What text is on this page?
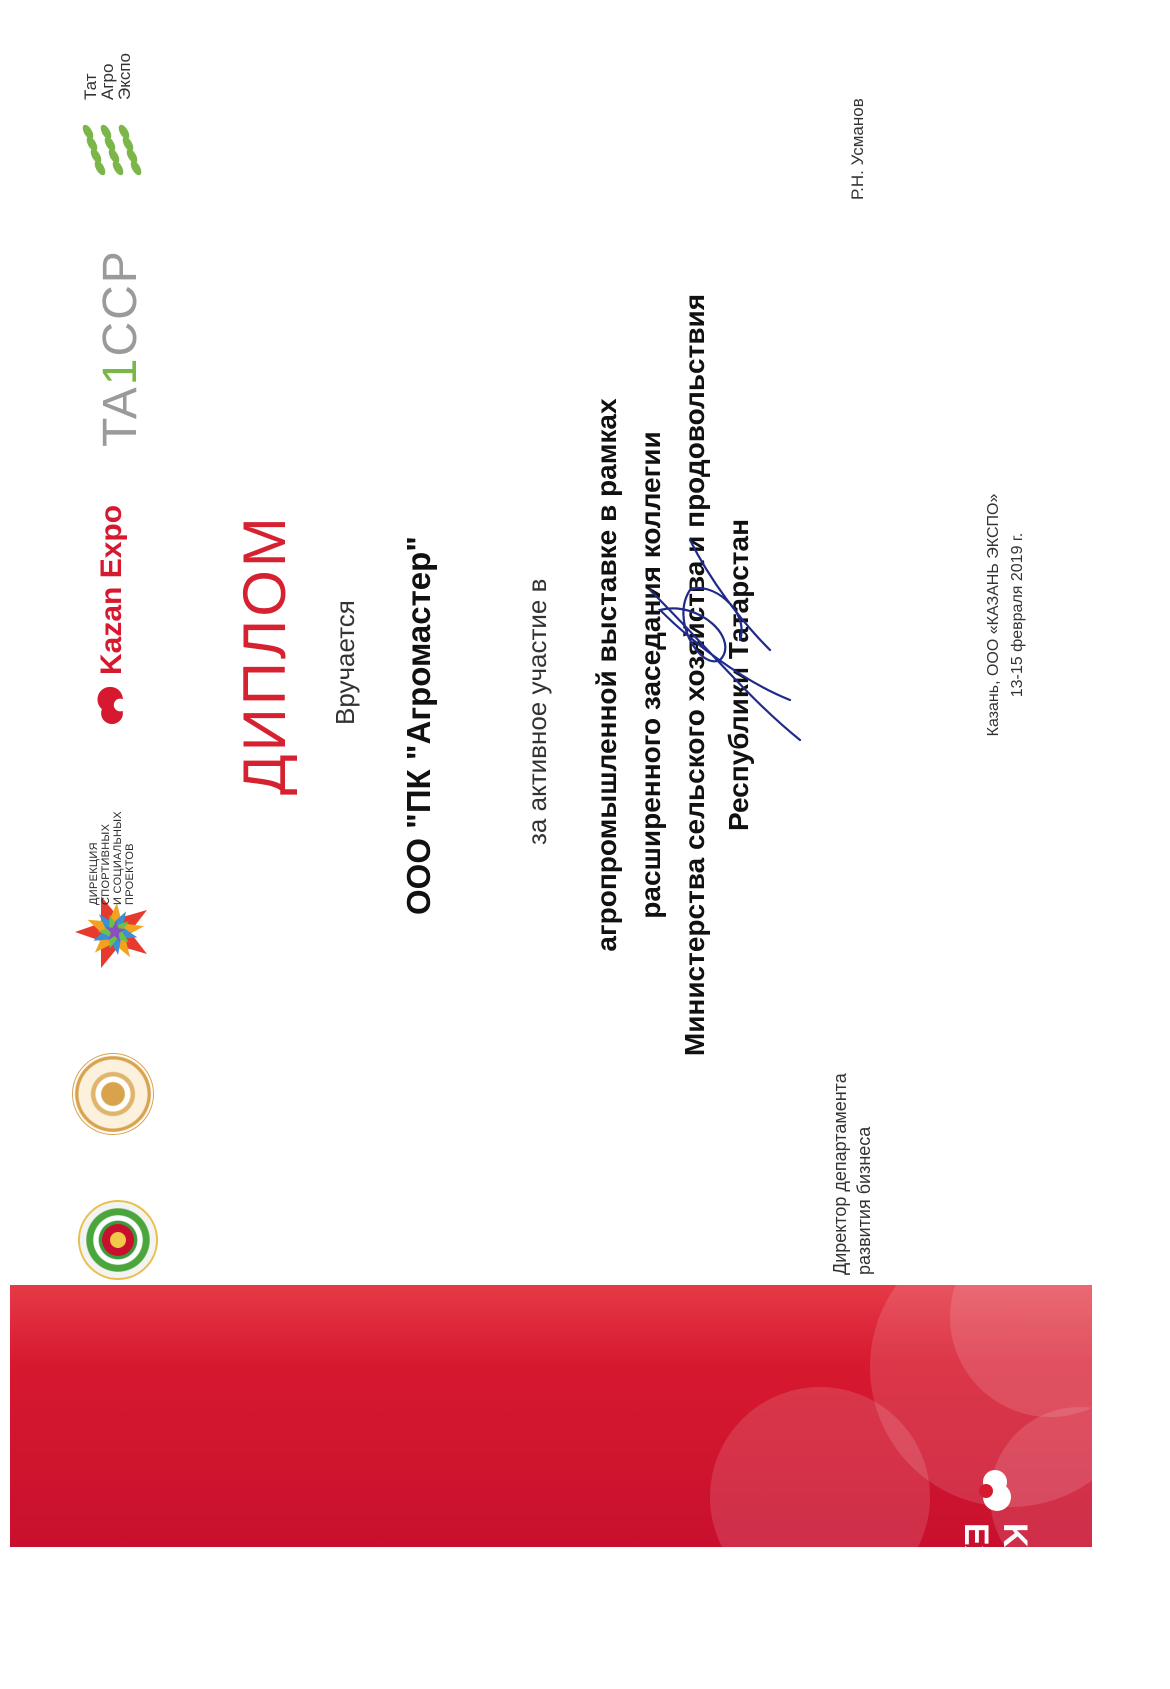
Kazan Expo
ДИРЕКЦИЯ СПОРТИВНЫХ И СОЦИАЛЬНЫХ ПРОЕКТОВ
Kazan Expo
TA1CCP
Тат
Агро
Экспо
ДИПЛОМ Вручается ООО "ПК "Агромастер"	за активное участие в агропромышленной выставке в рамках расширенного заседания коллегии Министерства сельского хозяйства и продовольствия Республики Татарстан
Директор департамента развития бизнеса
Р.Н. Усманов
Казань, ООО «КАЗАНЬ ЭКСПО» 13-15 февраля 2019 г.
